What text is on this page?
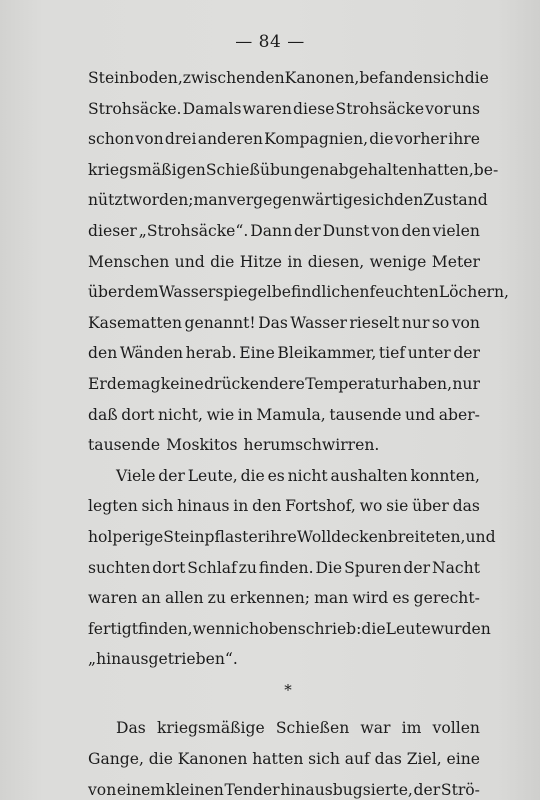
— 84 —
Steinboden, zwischen den Kanonen, befanden sich die
Strohsäcke. Damals waren diese Strohsäcke vor uns
schon von drei anderen Kompagnien, die vorher ihre
kriegsmäßigen Schießübungen abgehalten hatten, be-
nützt worden; man vergegenwärtige sich den Zustand
dieser „Strohsäcke“. Dann der Dunst von den vielen
Menschen und die Hitze in diesen, wenige Meter
über dem Wasserspiegel befindlichen feuchten Löchern,
Kasematten genannt! Das Wasser rieselt nur so von
den Wänden herab. Eine Bleikammer, tief unter der
Erde mag keine drückendere Temperatur haben, nur
daß dort nicht, wie in Mamula, tausende und aber-
tausende Moskitos herumschwirren.
Viele der Leute, die es nicht aushalten konnten,
legten sich hinaus in den Fortshof, wo sie über das
holperige Steinpflaster ihre Wolldecken breiteten, und
suchten dort Schlaf zu finden. Die Spuren der Nacht
waren an allen zu erkennen; man wird es gerecht-
fertigt finden, wenn ich oben schrieb: die Leute wurden
„hinausgetrieben“.
*
Das kriegsmäßige Schießen war im vollen
Gange, die Kanonen hatten sich auf das Ziel, eine
von einem kleinen Tender hinausbugsierte, der Strö-
